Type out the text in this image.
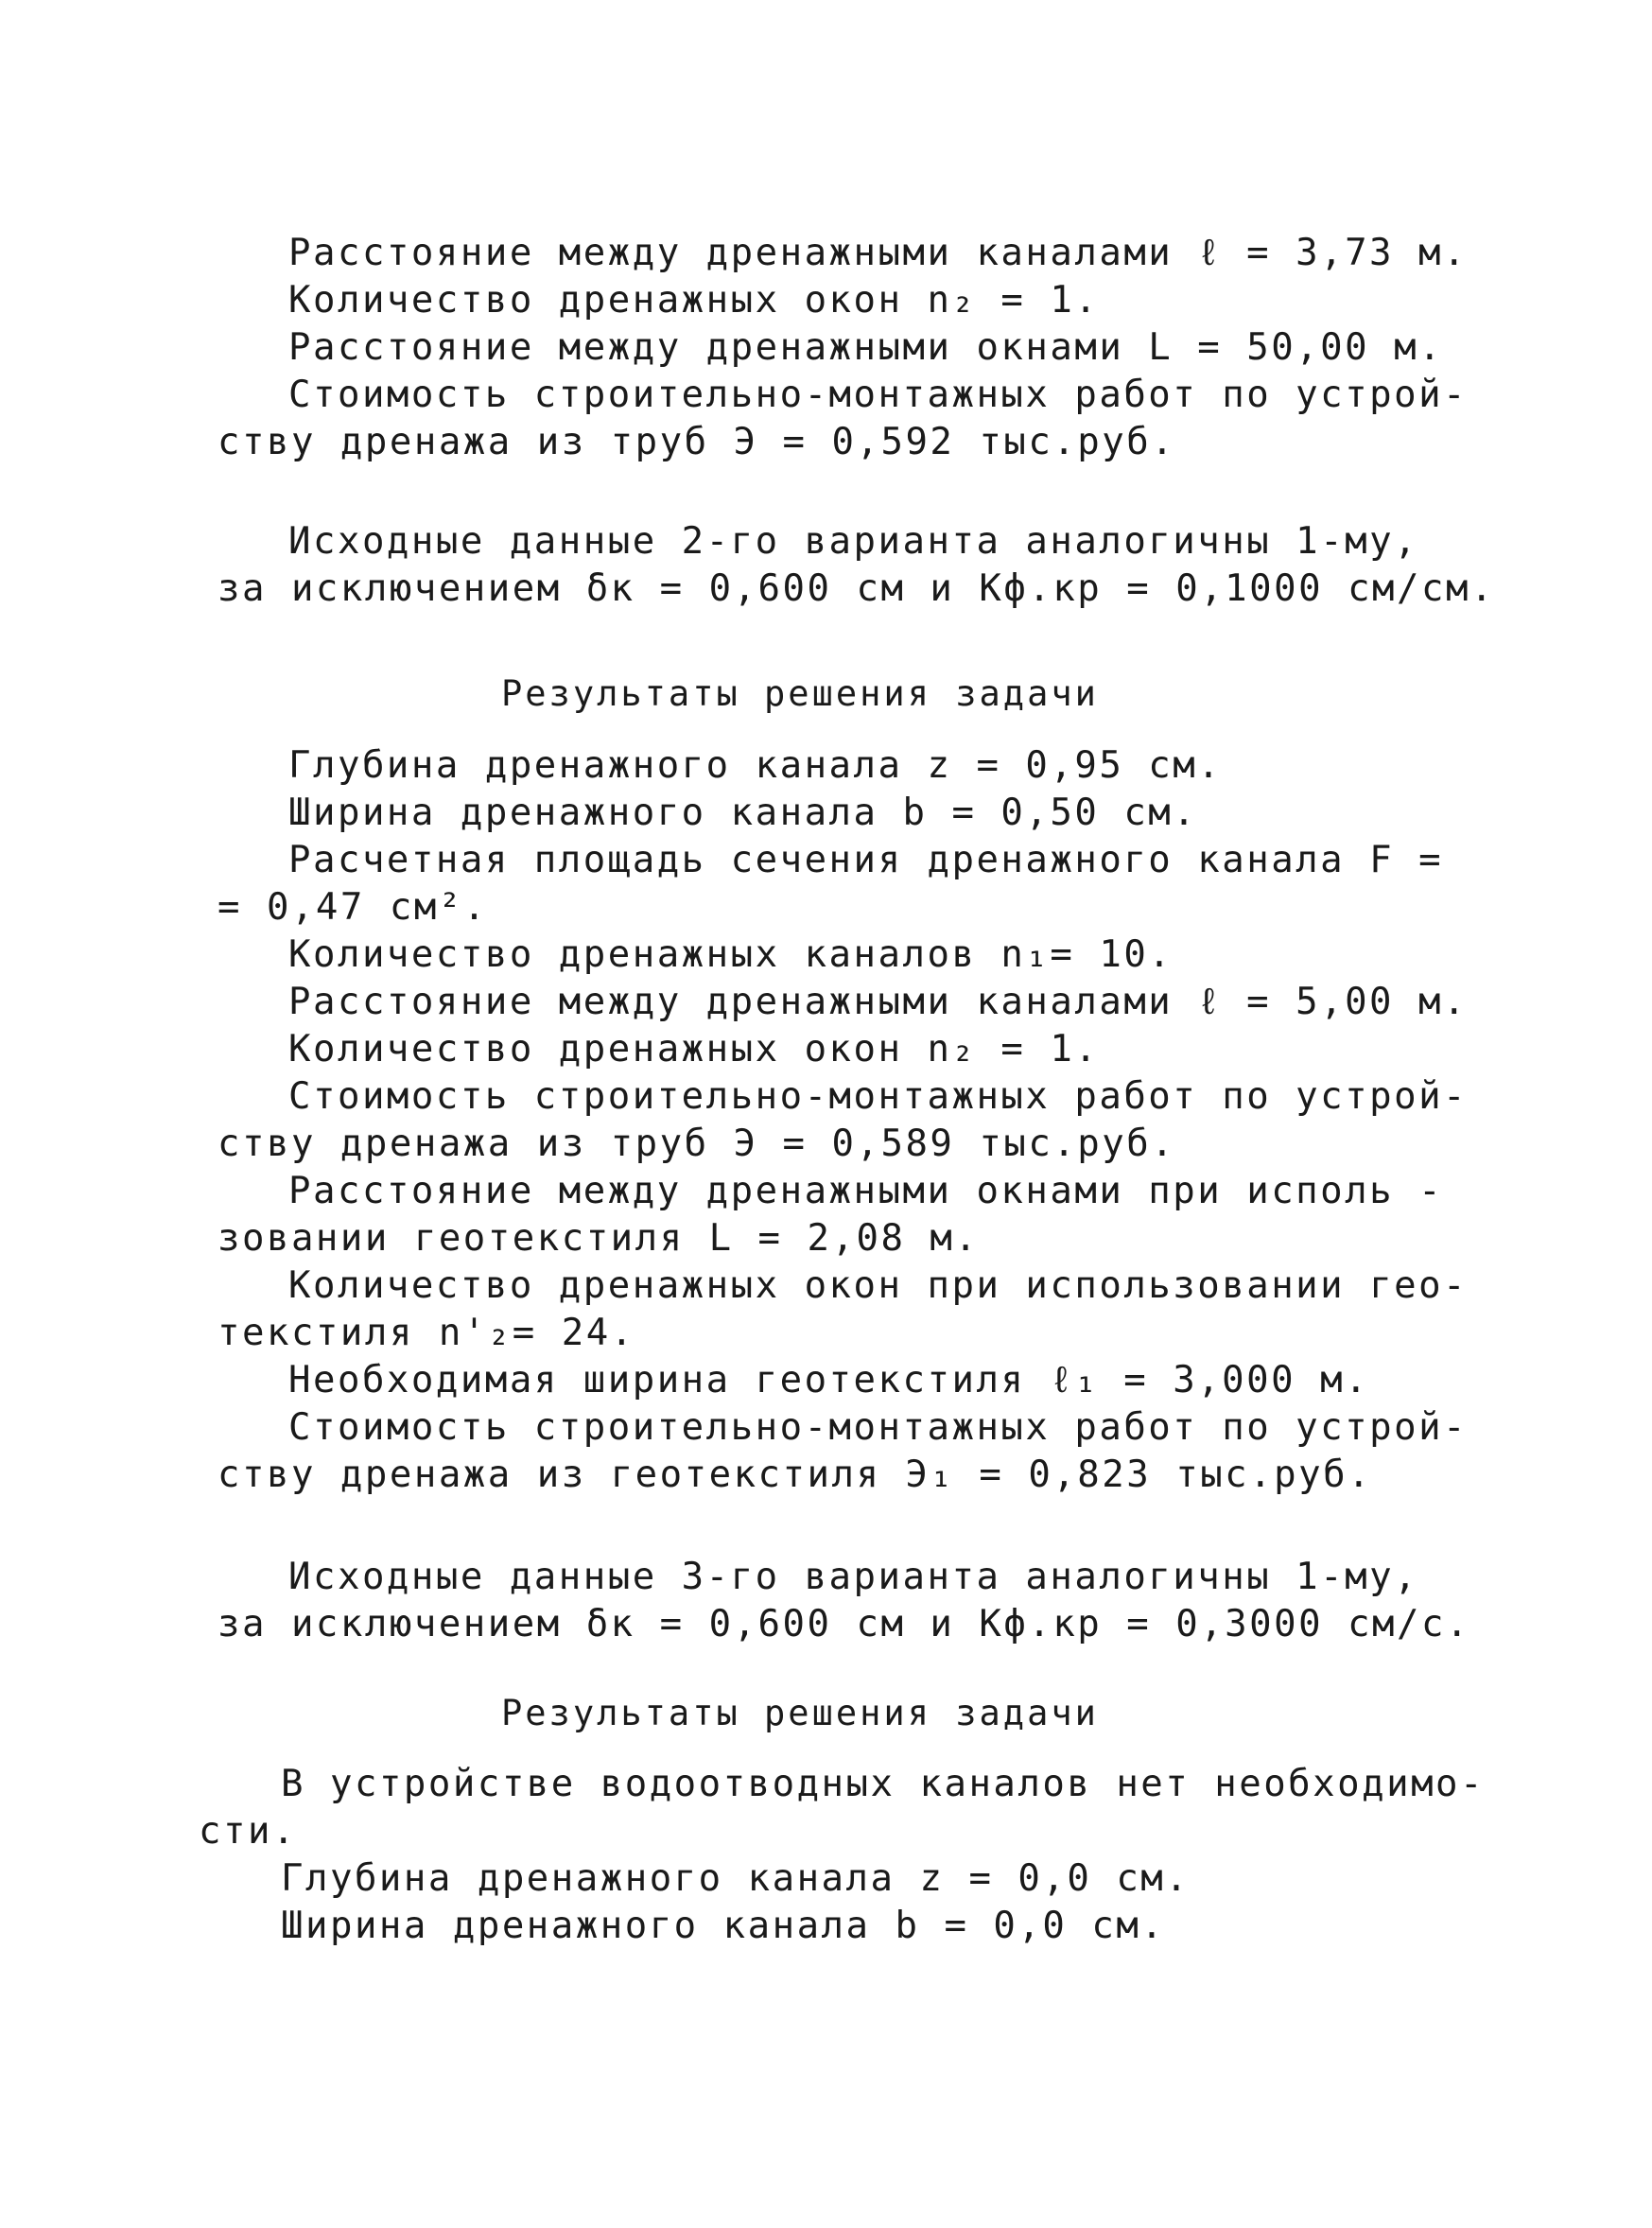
Расстояние между дренажными каналами ℓ = 3,73 м.
Количество дренажных окон n₂ = 1.
Расстояние между дренажными окнами L = 50,00 м.
Стоимость строительно-монтажных работ по устрой-
ству дренажа из труб Э = 0,592 тыс.руб.
Исходные данные 2-го варианта аналогичны 1-му,
за исключением δк = 0,600 см и Кф.кр = 0,1000 см/см.
Результаты решения задачи
Глубина дренажного канала z = 0,95 см.
Ширина дренажного канала b = 0,50 см.
Расчетная площадь сечения дренажного канала F =
= 0,47 см².
Количество дренажных каналов n₁= 10.
Расстояние между дренажными каналами ℓ = 5,00 м.
Количество дренажных окон n₂ = 1.
Стоимость строительно-монтажных работ по устрой-
ству дренажа из труб Э = 0,589 тыс.руб.
Расстояние между дренажными окнами при исполь -
зовании геотекстиля L = 2,08 м.
Количество дренажных окон при использовании гео-
текстиля n'₂= 24.
Необходимая ширина геотекстиля ℓ₁ = 3,000 м.
Стоимость строительно-монтажных работ по устрой-
ству дренажа из геотекстиля Э₁ = 0,823 тыс.руб.
Исходные данные 3-го варианта аналогичны 1-му,
за исключением δк = 0,600 см и Кф.кр = 0,3000 см/с.
Результаты решения задачи
В устройстве водоотводных каналов нет необходимо-
сти.
Глубина дренажного канала z = 0,0 см.
Ширина дренажного канала b = 0,0 см.
